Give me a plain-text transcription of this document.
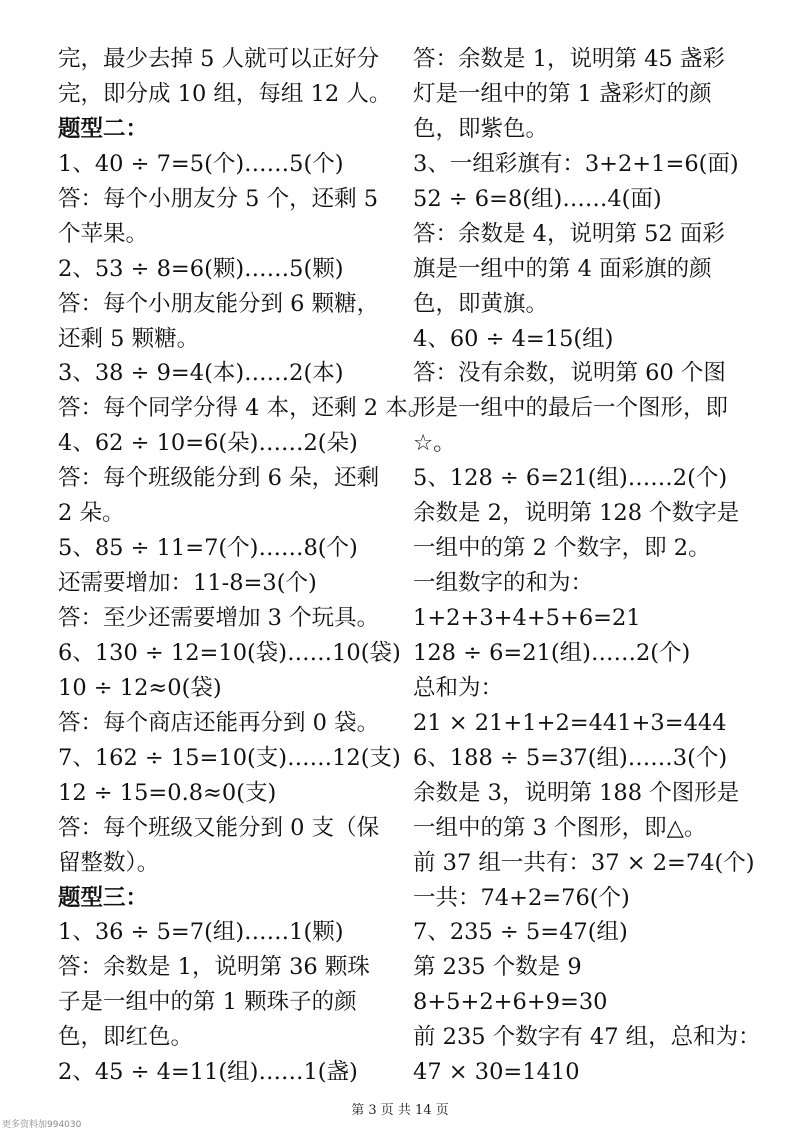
完，最少去掉 5 人就可以正好分
完，即分成 10 组，每组 12 人。
题型二：
1、40 ÷ 7=5(个)……5(个)
答：每个小朋友分 5 个，还剩 5
个苹果。
2、53 ÷ 8=6(颗)……5(颗)
答：每个小朋友能分到 6 颗糖，
还剩 5 颗糖。
3、38 ÷ 9=4(本)……2(本)
答：每个同学分得 4 本，还剩 2 本。
4、62 ÷ 10=6(朵)……2(朵)
答：每个班级能分到 6 朵，还剩
2 朵。
5、85 ÷ 11=7(个)……8(个)
还需要增加：11-8=3(个)
答：至少还需要增加 3 个玩具。
6、130 ÷ 12=10(袋)……10(袋)
10 ÷ 12≈0(袋)
答：每个商店还能再分到 0 袋。
7、162 ÷ 15=10(支)……12(支)
12 ÷ 15=0.8≈0(支)
答：每个班级又能分到 0 支（保
留整数）。
题型三：
1、36 ÷ 5=7(组)……1(颗)
答：余数是 1，说明第 36 颗珠
子是一组中的第 1 颗珠子的颜
色，即红色。
2、45 ÷ 4=11(组)……1(盏)
答：余数是 1，说明第 45 盏彩
灯是一组中的第 1 盏彩灯的颜
色，即紫色。
3、一组彩旗有：3+2+1=6(面)
52 ÷ 6=8(组)……4(面)
答：余数是 4，说明第 52 面彩
旗是一组中的第 4 面彩旗的颜
色，即黄旗。
4、60 ÷ 4=15(组)
答：没有余数，说明第 60 个图
形是一组中的最后一个图形，即
☆。
5、128 ÷ 6=21(组)……2(个)
余数是 2，说明第 128 个数字是
一组中的第 2 个数字，即 2。
一组数字的和为：
1+2+3+4+5+6=21
128 ÷ 6=21(组)……2(个)
总和为：
21 × 21+1+2=441+3=444
6、188 ÷ 5=37(组)……3(个)
余数是 3，说明第 188 个图形是
一组中的第 3 个图形，即△。
前 37 组一共有：37 × 2=74(个)
一共：74+2=76(个)
7、235 ÷ 5=47(组)
第 235 个数是 9
8+5+2+6+9=30
前 235 个数字有 47 组，总和为：
47 × 30=1410
第 3 页 共 14 页
更多资料加994030
